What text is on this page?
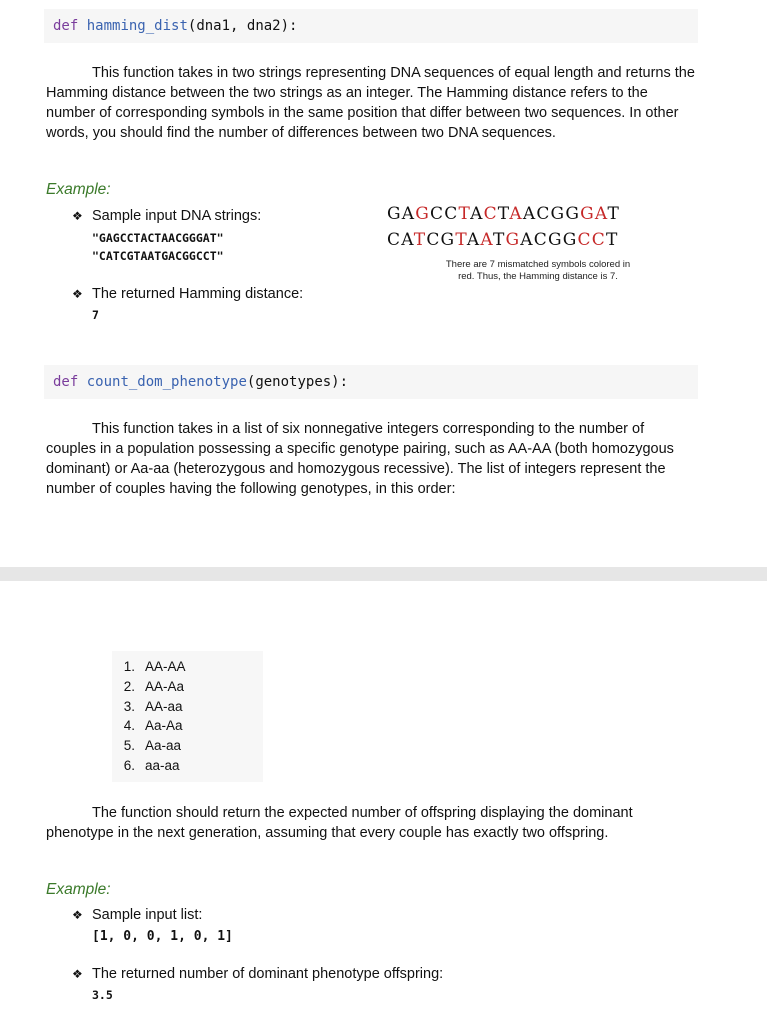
def hamming_dist(dna1, dna2):
This function takes in two strings representing DNA sequences of equal length and returns the Hamming distance between the two strings as an integer. The Hamming distance refers to the number of corresponding symbols in the same position that differ between two sequences. In other words, you should find the number of differences between two DNA sequences.
Example:
❖ Sample input DNA strings:
"GAGCCTACTAACGGGAT"
"CATCGTAATGACGGCCT"
❖ The returned Hamming distance:
7
GAGCCTACTAACGGGAT
CATCGTAATGACGGCCT
There are 7 mismatched symbols colored in
red. Thus, the Hamming distance is 7.
def count_dom_phenotype(genotypes):
This function takes in a list of six nonnegative integers corresponding to the number of couples in a population possessing a specific genotype pairing, such as AA-AA (both homozygous dominant) or Aa-aa (heterozygous and homozygous recessive). The list of integers represent the number of couples having the following genotypes, in this order:
1. AA-AA
2. AA-Aa
3. AA-aa
4. Aa-Aa
5. Aa-aa
6. aa-aa
The function should return the expected number of offspring displaying the dominant phenotype in the next generation, assuming that every couple has exactly two offspring.
Example:
❖ Sample input list:
[1, 0, 0, 1, 0, 1]
❖ The returned number of dominant phenotype offspring:
3.5
